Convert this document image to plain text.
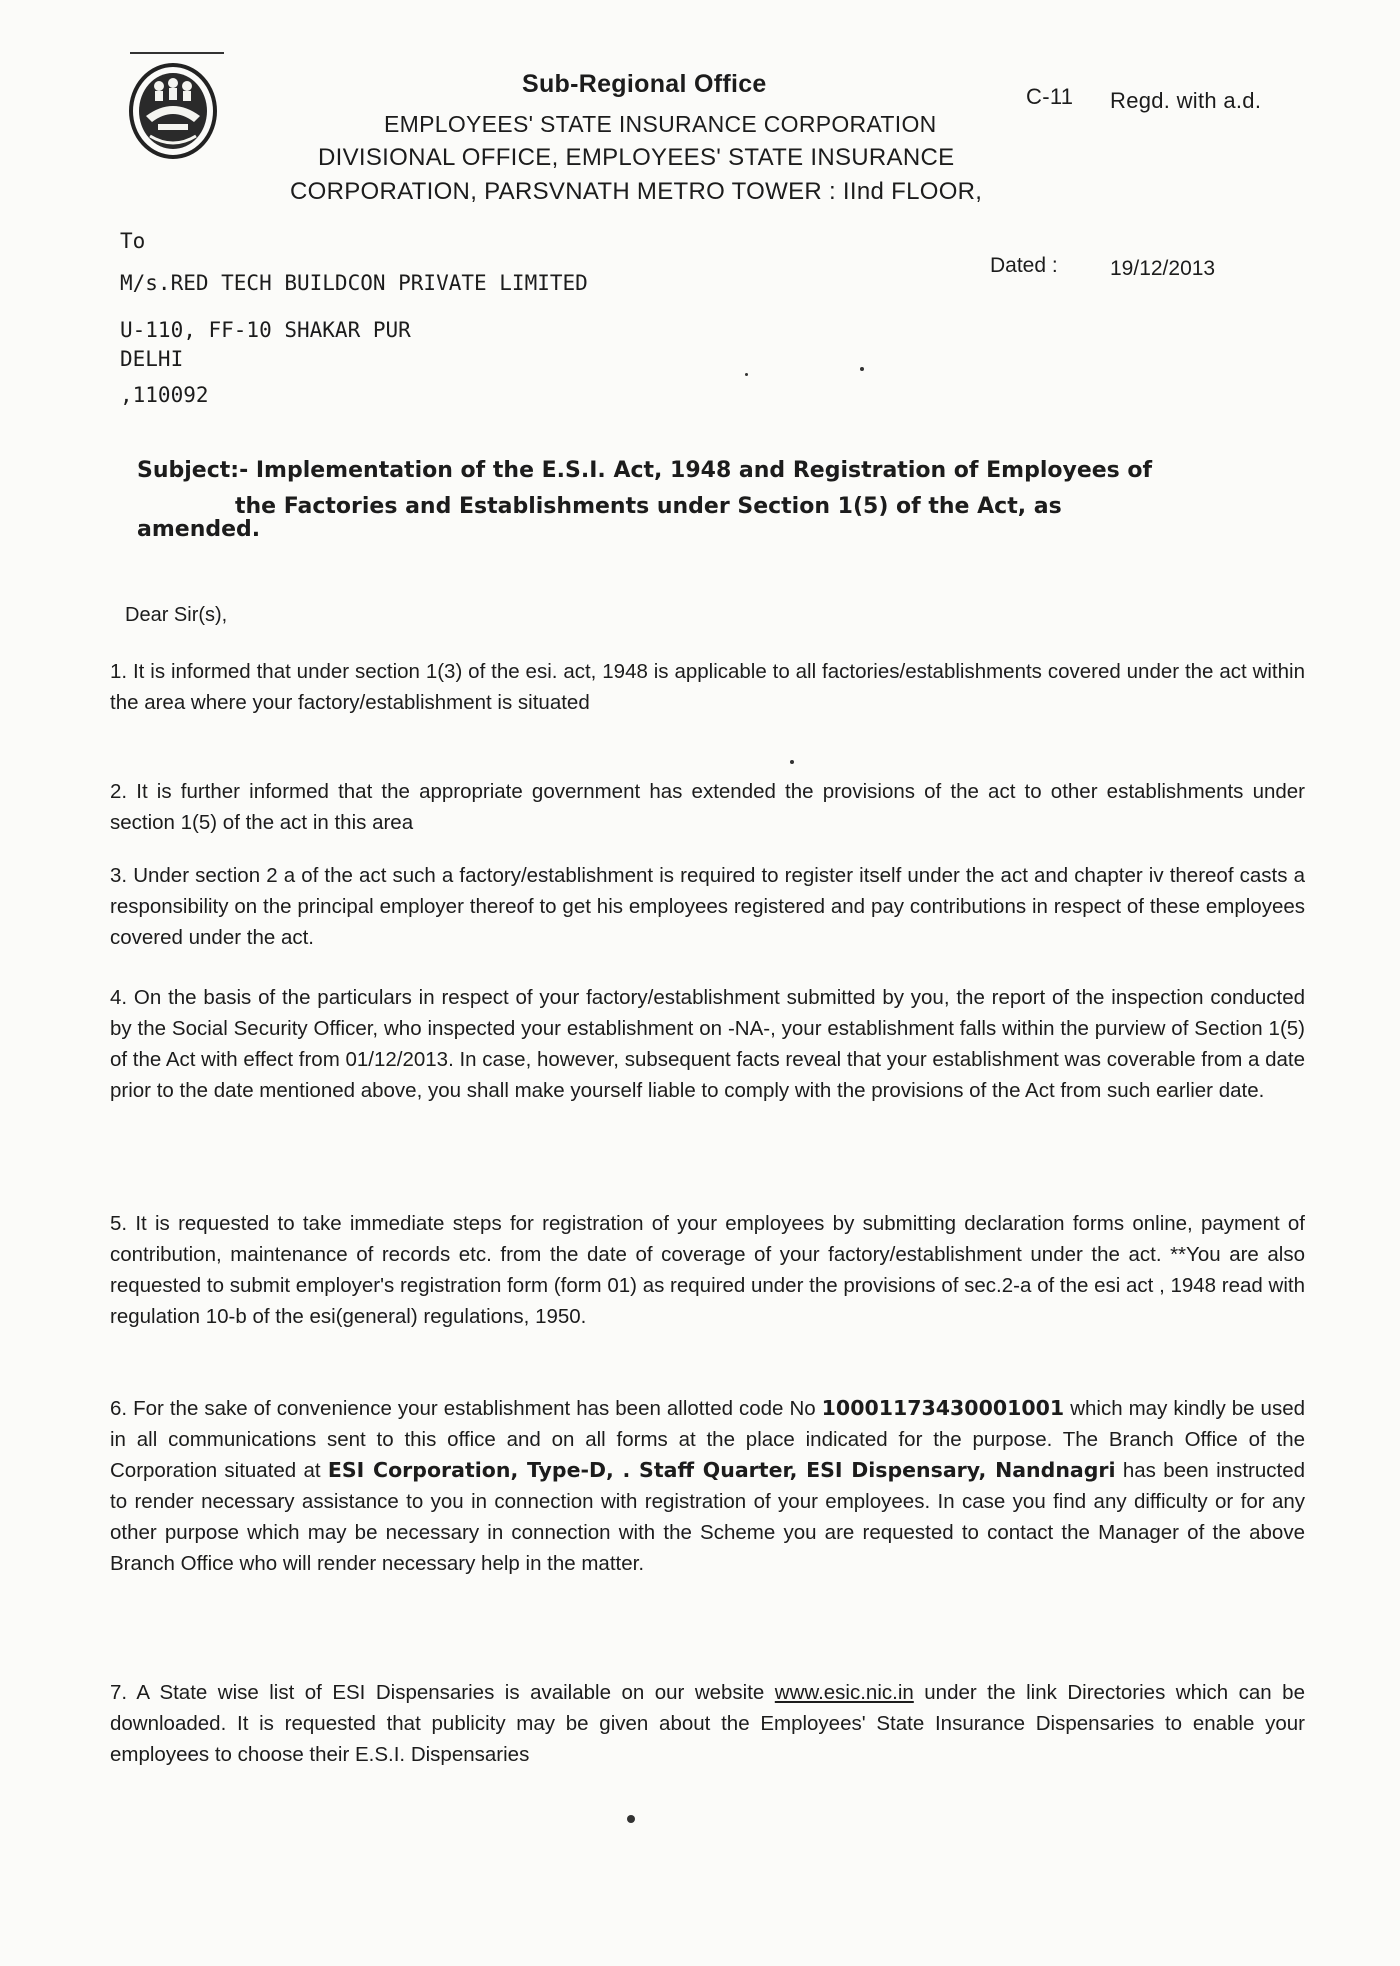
Sub-Regional Office
EMPLOYEES' STATE INSURANCE CORPORATION
DIVISIONAL OFFICE, EMPLOYEES' STATE INSURANCE
CORPORATION, PARSVNATH METRO TOWER : IInd FLOOR,
C-11 Regd. with a.d.
To
M/s.RED TECH BUILDCON PRIVATE LIMITED
U-110, FF-10 SHAKAR PUR
DELHI
,110092
Dated : 19/12/2013
Subject:- Implementation of the E.S.I. Act, 1948 and Registration of Employees of
the Factories and Establishments under Section 1(5) of the Act, as
amended.
Dear Sir(s),
1. It is informed that under section 1(3) of the esi. act, 1948 is applicable to all factories/establishments covered under the act within the area where your factory/establishment is situated
2. It is further informed that the appropriate government has extended the provisions of the act to other establishments under section 1(5) of the act in this area
3. Under section 2 a of the act such a factory/establishment is required to register itself under the act and chapter iv thereof casts a responsibility on the principal employer thereof to get his employees registered and pay contributions in respect of these employees covered under the act.
4. On the basis of the particulars in respect of your factory/establishment submitted by you, the report of the inspection conducted by the Social Security Officer, who inspected your establishment on -NA-, your establishment falls within the purview of Section 1(5) of the Act with effect from 01/12/2013. In case, however, subsequent facts reveal that your establishment was coverable from a date prior to the date mentioned above, you shall make yourself liable to comply with the provisions of the Act from such earlier date.
5. It is requested to take immediate steps for registration of your employees by submitting declaration forms online, payment of contribution, maintenance of records etc. from the date of coverage of your factory/establishment under the act. **You are also requested to submit employer's registration form (form 01) as required under the provisions of sec.2-a of the esi act , 1948 read with regulation 10-b of the esi(general) regulations, 1950.
6. For the sake of convenience your establishment has been allotted code No 10001173430001001 which may kindly be used in all communications sent to this office and on all forms at the place indicated for the purpose. The Branch Office of the Corporation situated at ESI Corporation, Type-D, . Staff Quarter, ESI Dispensary, Nandnagri has been instructed to render necessary assistance to you in connection with registration of your employees. In case you find any difficulty or for any other purpose which may be necessary in connection with the Scheme you are requested to contact the Manager of the above Branch Office who will render necessary help in the matter.
7. A State wise list of ESI Dispensaries is available on our website www.esic.nic.in under the link Directories which can be downloaded. It is requested that publicity may be given about the Employees' State Insurance Dispensaries to enable your employees to choose their E.S.I. Dispensaries
